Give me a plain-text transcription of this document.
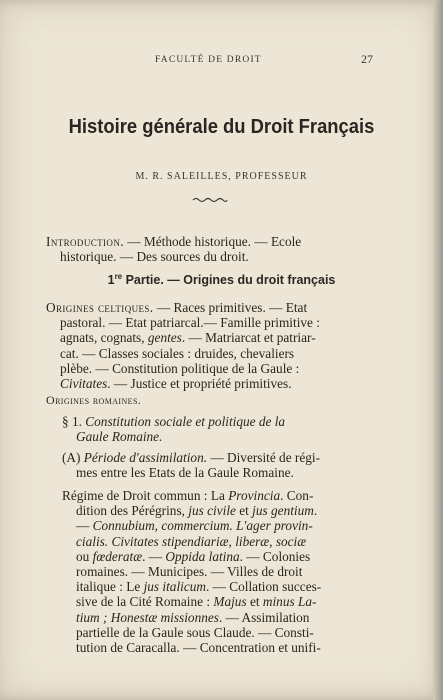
FACULTÉ DE DROIT	27
Histoire générale du Droit Français
M. R. SALEILLES, PROFESSEUR
Introduction. — Méthode historique. — Ecole
historique. — Des sources du droit.
1re Partie. — Origines du droit français
Origines celtiques. — Races primitives. — Etat
pastoral. — Etat patriarcal.— Famille primitive :
agnats, cognats, gentes. — Matriarcat et patriar-
cat. — Classes sociales : druides, chevaliers
plèbe. — Constitution politique de la Gaule :
Civitates. — Justice et propriété primitives.
Origines romaines.
§ 1. Constitution sociale et politique de la
Gaule Romaine.
(A) Période d'assimilation. — Diversité de régi-
mes entre les Etats de la Gaule Romaine.
Régime de Droit commun : La Provincia. Con-
dition des Pérégrins, jus civile et jus gentium.
— Connubium, commercium. L'ager provin-
cialis. Civitates stipendiariæ, liberæ, sociæ
ou fœderatæ. — Oppida latina. — Colonies
romaines. — Municipes. — Villes de droit
italique : Le jus italicum. — Collation succes-
sive de la Cité Romaine : Majus et minus La-
tium ; Honestæ missionnes. — Assimilation
partielle de la Gaule sous Claude. — Consti-
tution de Caracalla. — Concentration et unifi-
